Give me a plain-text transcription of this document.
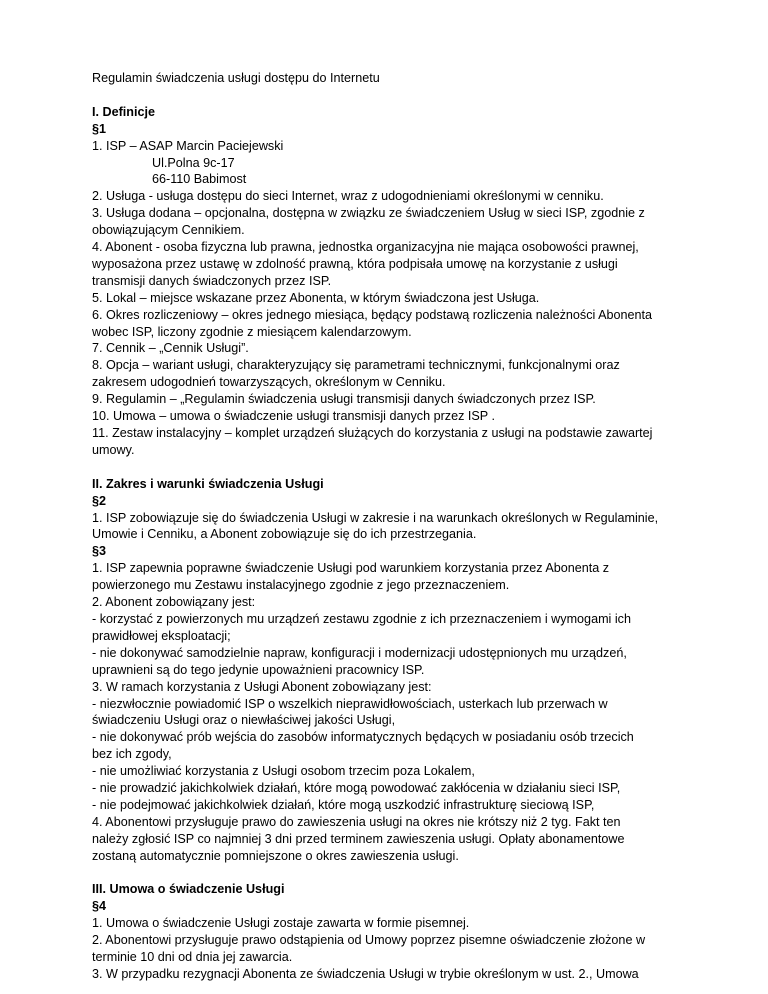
Regulamin świadczenia usługi dostępu do Internetu
I. Definicje
§1
1. ISP – ASAP Marcin Paciejewski
Ul.Polna 9c-17
66-110 Babimost
2. Usługa - usługa dostępu do sieci Internet, wraz z udogodnieniami określonymi w cenniku.
3. Usługa dodana – opcjonalna, dostępna w związku ze świadczeniem Usług w sieci ISP, zgodnie z
obowiązującym Cennikiem.
4. Abonent - osoba fizyczna lub prawna, jednostka organizacyjna nie mająca osobowości prawnej,
wyposażona przez ustawę w zdolność prawną, która podpisała umowę na korzystanie z usługi
transmisji danych świadczonych przez ISP.
5. Lokal – miejsce wskazane przez Abonenta, w którym świadczona jest Usługa.
6. Okres rozliczeniowy – okres jednego miesiąca, będący podstawą rozliczenia należności Abonenta
wobec ISP, liczony zgodnie z miesiącem kalendarzowym.
7. Cennik – „Cennik Usługi”.
8. Opcja – wariant usługi, charakteryzujący się parametrami technicznymi, funkcjonalnymi oraz
zakresem udogodnień towarzyszących, określonym w Cenniku.
9. Regulamin – „Regulamin świadczenia usługi transmisji danych świadczonych przez ISP.
10. Umowa – umowa o świadczenie usługi transmisji danych przez ISP .
11. Zestaw instalacyjny – komplet urządzeń służących do korzystania z usługi na podstawie zawartej
umowy.
II. Zakres i warunki świadczenia Usługi
§2
1. ISP zobowiązuje się do świadczenia Usługi w zakresie i na warunkach określonych w Regulaminie,
Umowie i Cenniku, a Abonent zobowiązuje się do ich przestrzegania.
§3
1. ISP zapewnia poprawne świadczenie Usługi pod warunkiem korzystania przez Abonenta z
powierzonego mu Zestawu instalacyjnego zgodnie z jego przeznaczeniem.
2. Abonent zobowiązany jest:
- korzystać z powierzonych mu urządzeń zestawu zgodnie z ich przeznaczeniem i wymogami ich
prawidłowej eksploatacji;
- nie dokonywać samodzielnie napraw, konfiguracji i modernizacji udostępnionych mu urządzeń,
uprawnieni są do tego jedynie upoważnieni pracownicy ISP.
3. W ramach korzystania z Usługi Abonent zobowiązany jest:
- niezwłocznie powiadomić ISP o wszelkich nieprawidłowościach, usterkach lub przerwach w
świadczeniu Usługi oraz o niewłaściwej jakości Usługi,
- nie dokonywać prób wejścia do zasobów informatycznych będących w posiadaniu osób trzecich
bez ich zgody,
- nie umożliwiać korzystania z Usługi osobom trzecim poza Lokalem,
- nie prowadzić jakichkolwiek działań, które mogą powodować zakłócenia w działaniu sieci ISP,
- nie podejmować jakichkolwiek działań, które mogą uszkodzić infrastrukturę sieciową ISP,
4. Abonentowi przysługuje prawo do zawieszenia usługi na okres nie krótszy niż 2 tyg. Fakt ten
należy zgłosić ISP co najmniej 3 dni przed terminem zawieszenia usługi. Opłaty abonamentowe
zostaną automatycznie pomniejszone o okres zawieszenia usługi.
III. Umowa o świadczenie Usługi
§4
1. Umowa o świadczenie Usługi zostaje zawarta w formie pisemnej.
2. Abonentowi przysługuje prawo odstąpienia od Umowy poprzez pisemne oświadczenie złożone w
terminie 10 dni od dnia jej zawarcia.
3. W przypadku rezygnacji Abonenta ze świadczenia Usługi w trybie określonym w ust. 2., Umowa
